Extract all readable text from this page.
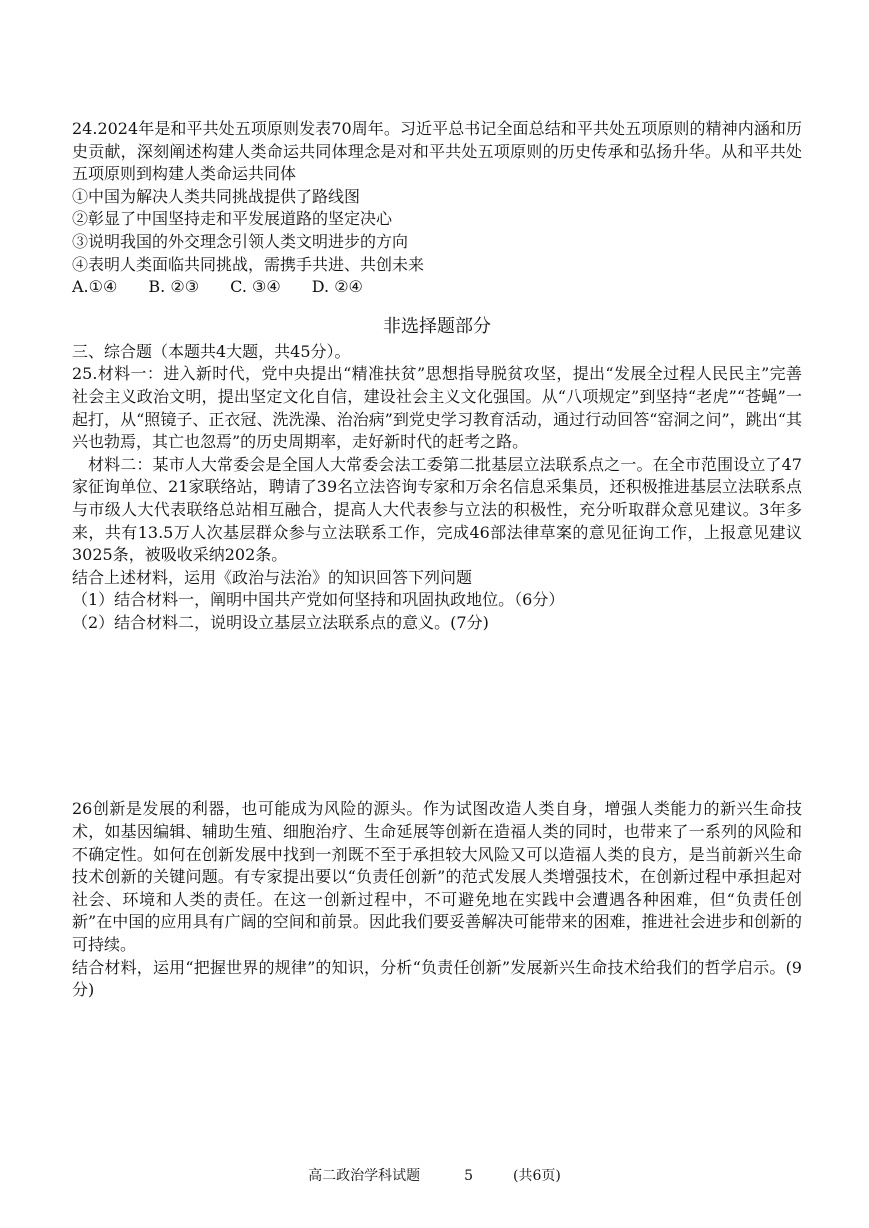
24.2024年是和平共处五项原则发表70周年。习近平总书记全面总结和平共处五项原则的精神内涵和历史贡献，深刻阐述构建人类命运共同体理念是对和平共处五项原则的历史传承和弘扬升华。从和平共处五项原则到构建人类命运共同体

①中国为解决人类共同挑战提供了路线图

②彰显了中国坚持走和平发展道路的坚定决心

③说明我国的外交理念引领人类文明进步的方向

④表明人类面临共同挑战，需携手共进、共创未来

A.①④ B. ②③ C. ③④ D. ②④

非选择题部分

三、综合题（本题共4大题，共45分）。

25.材料一：进入新时代，党中央提出“精准扶贫”思想指导脱贫攻坚，提出“发展全过程人民民主”完善社会主义政治文明，提出坚定文化自信，建设社会主义文化强国。从“八项规定”到坚持“老虎”“苍蝇”一起打，从“照镜子、正衣冠、洗洗澡、治治病”到党史学习教育活动，通过行动回答“窑洞之问”，跳出“其兴也勃焉，其亡也忽焉”的历史周期率，走好新时代的赶考之路。

材料二：某市人大常委会是全国人大常委会法工委第二批基层立法联系点之一。在全市范围设立了47家征询单位、21家联络站，聘请了39名立法咨询专家和万余名信息采集员，还积极推进基层立法联系点与市级人大代表联络总站相互融合，提高人大代表参与立法的积极性，充分听取群众意见建议。3年多来，共有13.5万人次基层群众参与立法联系工作，完成46部法律草案的意见征询工作，上报意见建议3025条，被吸收采纳202条。

结合上述材料，运用《政治与法治》的知识回答下列问题

（1）结合材料一，阐明中国共产党如何坚持和巩固执政地位。（6分）

（2）结合材料二，说明设立基层立法联系点的意义。(7分)

26创新是发展的利器，也可能成为风险的源头。作为试图改造人类自身，增强人类能力的新兴生命技术，如基因编辑、辅助生殖、细胞治疗、生命延展等创新在造福人类的同时，也带来了一系列的风险和不确定性。如何在创新发展中找到一剂既不至于承担较大风险又可以造福人类的良方，是当前新兴生命技术创新的关键问题。有专家提出要以“负责任创新”的范式发展人类增强技术，在创新过程中承担起对社会、环境和人类的责任。在这一创新过程中，不可避免地在实践中会遭遇各种困难，但“负责任创新”在中国的应用具有广阔的空间和前景。因此我们要妥善解决可能带来的困难，推进社会进步和创新的可持续。

结合材料，运用“把握世界的规律”的知识，分析“负责任创新”发展新兴生命技术给我们的哲学启示。(9分)

高二政治学科试题	5	(共6页)
